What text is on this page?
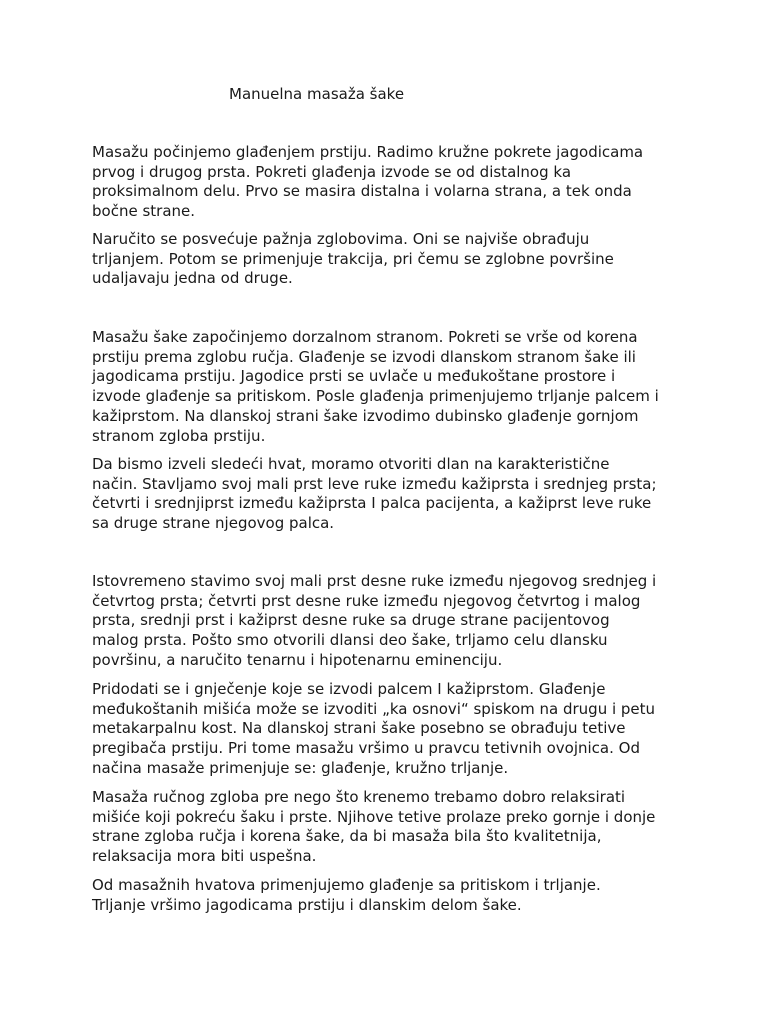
Manuelna masaža šake

Masažu počinjemo glađenjem prstiju. Radimo kružne pokrete jagodicama
prvog i drugog prsta. Pokreti glađenja izvode se od distalnog ka
proksimalnom delu. Prvo se masira distalna i volarna strana, a tek onda
bočne strane.

Naručito se posvećuje pažnja zglobovima. Oni se najviše obrađuju
trljanjem. Potom se primenjuje trakcija, pri čemu se zglobne površine
udaljavaju jedna od druge.

Masažu šake započinjemo dorzalnom stranom. Pokreti se vrše od korena
prstiju prema zglobu ručja. Glađenje se izvodi dlanskom stranom šake ili
jagodicama prstiju. Jagodice prsti se uvlače u međukoštane prostore i
izvode glađenje sa pritiskom. Posle glađenja primenjujemo trljanje palcem i
kažiprstom. Na dlanskoj strani šake izvodimo dubinsko glađenje gornjom
stranom zgloba prstiju.

Da bismo izveli sledeći hvat, moramo otvoriti dlan na karakteristične
način. Stavljamo svoj mali prst leve ruke između kažiprsta i srednjeg prsta;
četvrti i srednjiprst između kažiprsta I palca pacijenta, a kažiprst leve ruke
sa druge strane njegovog palca.

Istovremeno stavimo svoj mali prst desne ruke između njegovog srednjeg i
četvrtog prsta; četvrti prst desne ruke između njegovog četvrtog i malog
prsta, srednji prst i kažiprst desne ruke sa druge strane pacijentovog
malog prsta. Pošto smo otvorili dlansi deo šake, trljamo celu dlansku
površinu, a naručito tenarnu i hipotenarnu eminenciju.

Pridodati se i gnječenje koje se izvodi palcem I kažiprstom. Glađenje
međukoštanih mišića može se izvoditi „ka osnovi“ spiskom na drugu i petu
metakarpalnu kost. Na dlanskoj strani šake posebno se obrađuju tetive
pregibača prstiju. Pri tome masažu vršimo u pravcu tetivnih ovojnica. Od
načina masaže primenjuje se: glađenje, kružno trljanje.

Masaža ručnog zgloba pre nego što krenemo trebamo dobro relaksirati
mišiće koji pokreću šaku i prste. Njihove tetive prolaze preko gornje i donje
strane zgloba ručja i korena šake, da bi masaža bila što kvalitetnija,
relaksacija mora biti uspešna.

Od masažnih hvatova primenjujemo glađenje sa pritiskom i trljanje.
Trljanje vršimo jagodicama prstiju i dlanskim delom šake.
